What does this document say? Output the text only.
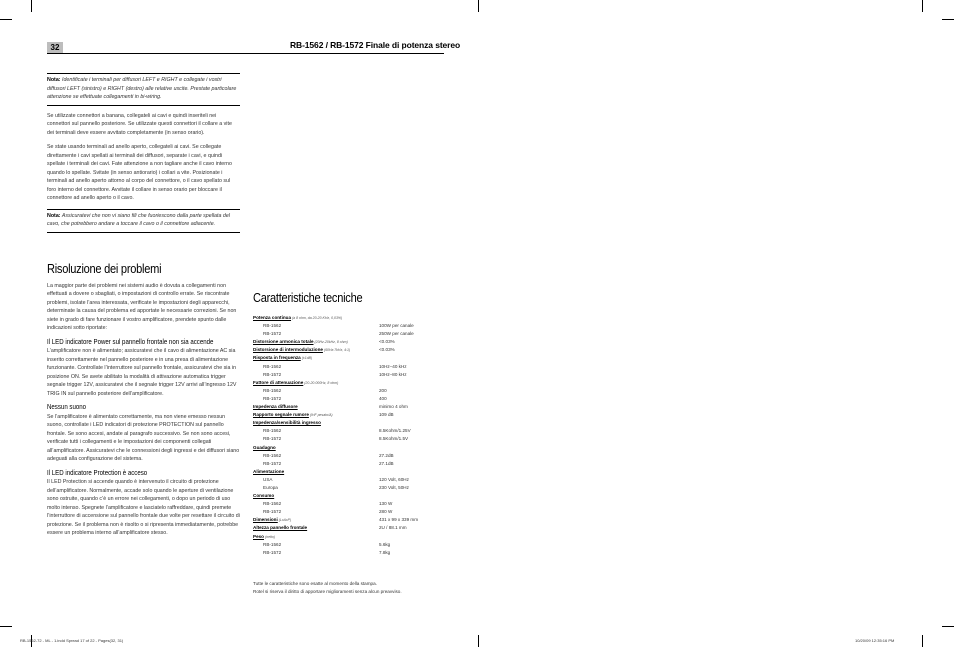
32	RB-1562 / RB-1572 Finale di potenza stereo
Nota: Identificate i terminali per diffusori LEFT e RIGHT e collegate i vostri diffusori LEFT (sinistro) e RIGHT (destro) alle relative uscite. Prestate particolare attenzione se effettuate collegamenti in bi-wiring.

Se utilizzate connettori a banana, collegateli ai cavi e quindi inseriteli nei connettori sul pannello posteriore. Se utilizzate questi connettori il collare a vite dei terminali deve essere avvitato completamente (in senso orario).

Se state usando terminali ad anello aperto, collegateli ai cavi. Se collegate direttamente i cavi spellati ai terminali dei diffusori, separate i cavi, e quindi spellate i terminali dei cavi. Fate attenzione a non tagliare anche il cavo interno quando lo spellate. Svitate (in senso antiorario) i collari a vite. Posizionate i terminali ad anello aperto attorno al corpo del connettore, o il cavo spellato sul foro interno del connettore. Avvitate il collare in senso orario per bloccare il connettore ad anello aperto o il cavo.

Nota: Assicuratevi che non vi siano fili che fuoriescono dalla parte spellata del cavo, che potrebbero andare a toccare il cavo o il connettore adiacente.
Risoluzione dei problemi

La maggior parte dei problemi nei sistemi audio è dovuta a collegamenti non effettuati a dovere o sbagliati, o impostazioni di controllo errate. Se riscontrate problemi, isolate l’area interessata, verificate le impostazioni degli apparecchi, determinate la causa del problema ed apportate le necessarie correzioni. Se non siete in grado di fare funzionare il vostro amplificatore, prendete spunto dalle indicazioni sotto riportate:

Il LED indicatore Power sul pannello frontale non sia accende

L’amplificatore non è alimentato; assicuratevi che il cavo di alimentazione AC sia inserito correttamente nel pannello posteriore e in una presa di alimentazione funzionante. Controllate l’interruttore sul pannello frontale, assicuratevi che sia in posizione ON. Se avete abilitato la modalità di attivazione automatica trigger segnale trigger 12V, assicuratevi che il segnale trigger 12V arrivi all’ingresso 12V TRIG IN sul pannello posteriore dell’amplificatore.

Nessun suono

Se l’amplificatore è alimentato correttamente, ma non viene emesso nessun suono, controllate i LED indicatori di protezione PROTECTION sul pannello frontale. Se sono accesi, andate al paragrafo successivo. Se non sono accesi, verificate tutti i collegamenti e le impostazioni dei componenti collegati all’amplificatore. Assicuratevi che le connessioni degli ingressi e dei diffusori siano adeguati alla configurazione del sistema.

Il LED indicatore Protection è acceso

Il LED Protection si accende quando è intervenuto il circuito di protezione dell’amplificatore. Normalmente, accade solo quando le aperture di ventilazione sono ostruite, quando c’è un errore nei collegamenti, o dopo un periodo di uso molto intenso. Spegnete l’amplificatore e lasciatelo raffreddare, quindi premete l’interruttore di accensione sul pannello frontale due volte per resettare il circuito di protezione. Se il problema non è risolto o si ripresenta immediatamente, potrebbe essere un problema interno all’amplificatore stesso.

Caratteristiche tecniche
Potenza continua (a 8 ohm, da 20-20 KHz, 0,03%)
RB-1562	100W per canale
RB-1572	250W per canale
Distorsione armonica totale (20Hz-20kHz, 8 ohm)	<0.03%
Distorsione di intermodulazione (60Hz:7kHz, 4:1)	<0.03%
Risposta in frequenza (±1dB)
RB-1562	10Hz–40 kHz
RB-1572	10Hz–80 kHz
Fattore di attenuazione (20-20.000Hz, 8 ohm)
RB-1562	200
RB-1572	400
Impedenza diffusore	minimo 4 ohm
Rapporto segnale rumore (IHF pesato/A)	109 dB
Impedenza/sensibilità ingresso
RB-1562	8.5Kohm/1.25V
RB-1572	8.5Kohm/1.5V
Guadagno
RB-1562	27.2dB
RB-1572	27.1dB
Alimentazione
USA	120 Volt, 60Hz
Europa	230 Volt, 50Hz
Consumo
RB-1562	130 W
RB-1572	280 W
Dimensioni (LxAxP)	431 x 99 x 339 mm
Altezza pannello frontale	2U / 88.1 mm
Peso (netto)
RB-1562	5.6kg
RB-1572	7.8kg
Tutte le caratteristiche sono esatte al momento della stampa.
Rotel si riserva il diritto di apportare miglioramenti senza alcun preavviso.
RB-1562-72 - ML - 1.indd Spread 17 of 22 - Pages(32, 31)	10/20/09 12:35:16 PM
